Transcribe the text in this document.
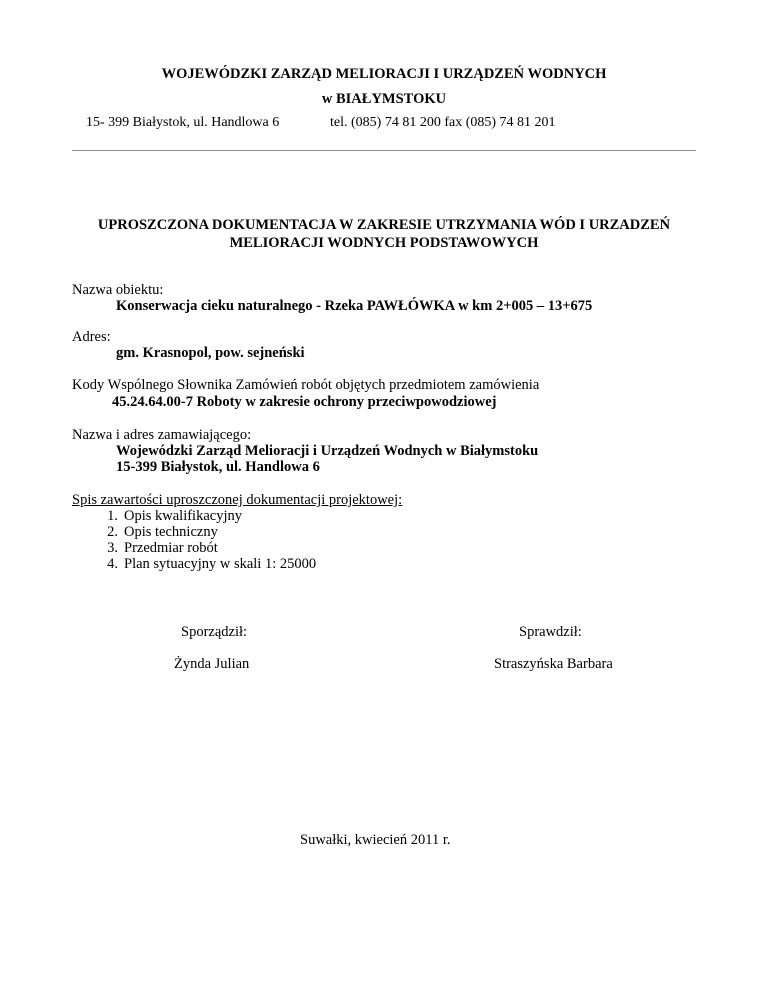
WOJEWÓDZKI ZARZĄD MELIORACJI I URZĄDZEŃ WODNYCH
w BIAŁYMSTOKU
15- 399 Białystok, ul. Handlowa 6	tel. (085) 74 81 200 fax (085) 74 81 201
UPROSZCZONA DOKUMENTACJA W ZAKRESIE UTRZYMANIA WÓD I URZADZEŃ
MELIORACJI WODNYCH PODSTAWOWYCH
Nazwa obiektu:
Konserwacja cieku naturalnego - Rzeka PAWŁÓWKA w km 2+005 – 13+675
Adres:
gm. Krasnopol, pow. sejneński
Kody Wspólnego Słownika Zamówień robót objętych przedmiotem zamówienia
45.24.64.00-7 Roboty w zakresie ochrony przeciwpowodziowej
Nazwa i adres zamawiającego:
Wojewódzki Zarząd Melioracji i Urządzeń Wodnych w Białymstoku
15-399 Białystok, ul. Handlowa 6
Spis zawartości uproszczonej dokumentacji projektowej:
1. Opis kwalifikacyjny
2. Opis techniczny
3. Przedmiar robót
4. Plan sytuacyjny w skali 1: 25000
Sporządził:
Żynda Julian
Sprawdził:
Straszyńska Barbara
Suwałki, kwiecień 2011 r.
